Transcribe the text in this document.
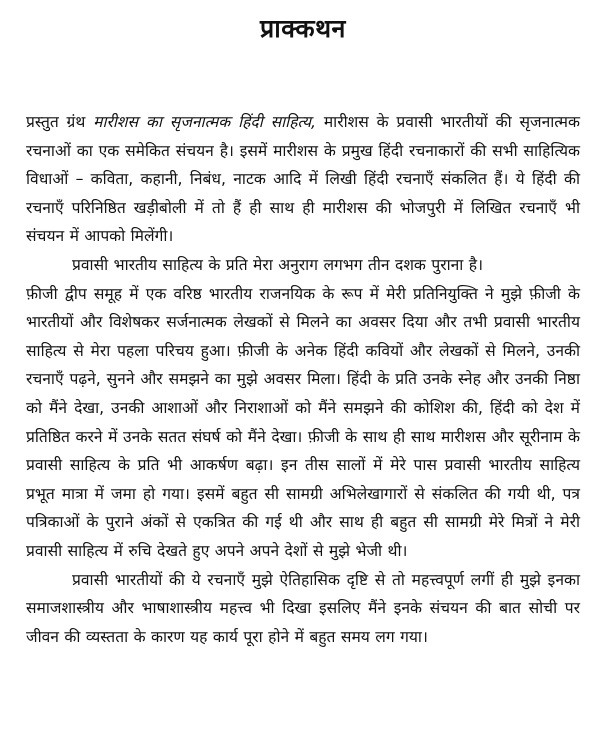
प्राक्कथन

प्रस्तुत ग्रंथ मारीशस का सृजनात्मक हिंदी साहित्य, मारीशस के प्रवासी भारतीयों की सृजनात्मक रचनाओं का एक समेकित संचयन है। इसमें मारीशस के प्रमुख हिंदी रचनाकारों की सभी साहित्यिक विधाओं – कविता, कहानी, निबंध, नाटक आदि में लिखी हिंदी रचनाएँ संकलित हैं। ये हिंदी की रचनाएँ परिनिष्ठित खड़ीबोली में तो हैं ही साथ ही मारीशस की भोजपुरी में लिखित रचनाएँ भी संचयन में आपको मिलेंगी।

प्रवासी भारतीय साहित्य के प्रति मेरा अनुराग लगभग तीन दशक पुराना है।

फ़ीजी द्वीप समूह में एक वरिष्ठ भारतीय राजनयिक के रूप में मेरी प्रतिनियुक्ति ने मुझे फ़ीजी के भारतीयों और विशेषकर सर्जनात्मक लेखकों से मिलने का अवसर दिया और तभी प्रवासी भारतीय साहित्य से मेरा पहला परिचय हुआ। फ़ीजी के अनेक हिंदी कवियों और लेखकों से मिलने, उनकी रचनाएँ पढ़ने, सुनने और समझने का मुझे अवसर मिला। हिंदी के प्रति उनके स्नेह और उनकी निष्ठा को मैंने देखा, उनकी आशाओं और निराशाओं को मैंने समझने की कोशिश की, हिंदी को देश में प्रतिष्ठित करने में उनके सतत संघर्ष को मैंने देखा। फ़ीजी के साथ ही साथ मारीशस और सूरीनाम के प्रवासी साहित्य के प्रति भी आकर्षण बढ़ा। इन तीस सालों में मेरे पास प्रवासी भारतीय साहित्य प्रभूत मात्रा में जमा हो गया। इसमें बहुत सी सामग्री अभिलेखागारों से संकलित की गयी थी, पत्र पत्रिकाओं के पुराने अंकों से एकत्रित की गई थी और साथ ही बहुत सी सामग्री मेरे मित्रों ने मेरी प्रवासी साहित्य में रुचि देखते हुए अपने अपने देशों से मुझे भेजी थी।

प्रवासी भारतीयों की ये रचनाएँ मुझे ऐतिहासिक दृष्टि से तो महत्त्वपूर्ण लगीं ही मुझे इनका समाजशास्त्रीय और भाषाशास्त्रीय महत्त्व भी दिखा इसलिए मैंने इनके संचयन की बात सोची पर जीवन की व्यस्तता के कारण यह कार्य पूरा होने में बहुत समय लग गया।
